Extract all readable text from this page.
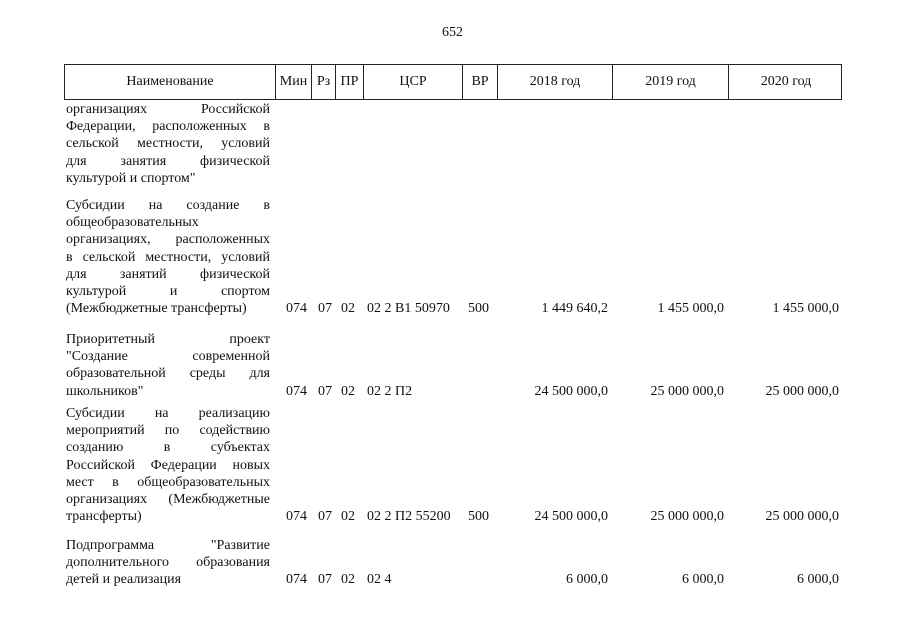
652
Наименование	Мин Рз ПР	ЦСР	ВР	2018 год	2019 год	2020 год
организациях Российской
Федерации, расположенных в
сельской местности, условий
для занятия физической
культурой и спортом"
Субсидии на создание в
общеобразовательных
организациях, расположенных
в сельской местности, условий
для занятий физической
культурой и спортом
(Межбюджетные трансферты)	074 07 02 02 2 В1 50970 500	1 449 640,2	1 455 000,0	1 455 000,0
Приоритетный проект
"Создание современной
образовательной среды для
школьников"	074 07 02 02 2 П2	24 500 000,0	25 000 000,0	25 000 000,0
Субсидии на реализацию
мероприятий по содействию
созданию в субъектах
Российской Федерации новых
мест в общеобразовательных
организациях (Межбюджетные
трансферты)	074 07 02 02 2 П2 55200 500	24 500 000,0	25 000 000,0	25 000 000,0
Подпрограмма "Развитие
дополнительного образования
детей и реализация	074 07 02 02 4	6 000,0	6 000,0	6 000,0
